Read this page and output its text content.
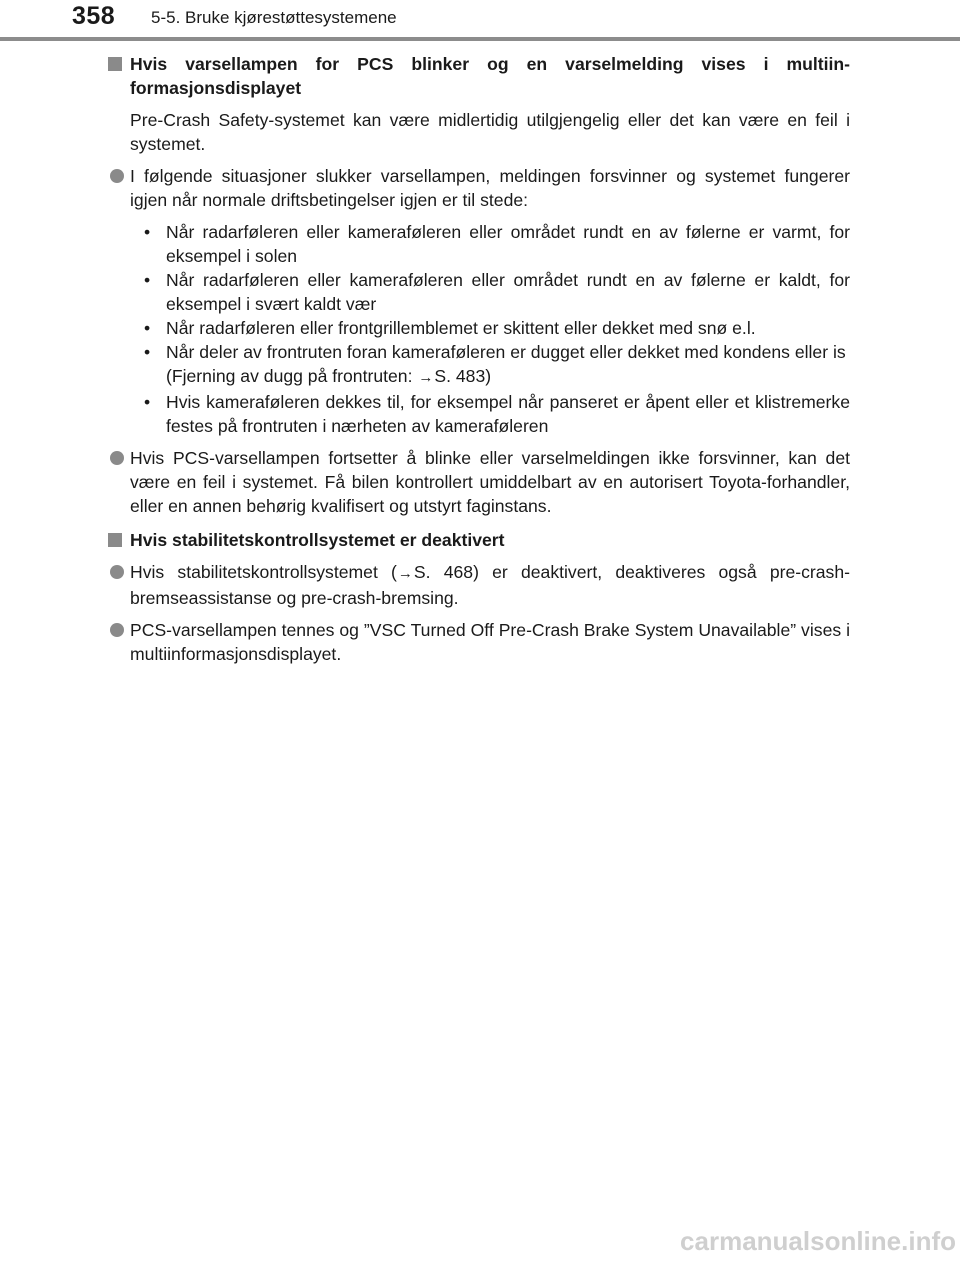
358 5-5. Bruke kjørestøttesystemene
Hvis varsellampen for PCS blinker og en varselmelding vises i multiinformasjonsdisplayet
Pre-Crash Safety-systemet kan være midlertidig utilgjengelig eller det kan være en feil i systemet.
I følgende situasjoner slukker varsellampen, meldingen forsvinner og systemet fungerer igjen når normale driftsbetingelser igjen er til stede:
• Når radarføleren eller kameraføleren eller området rundt en av følerne er varmt, for eksempel i solen
• Når radarføleren eller kameraføleren eller området rundt en av følerne er kaldt, for eksempel i svært kaldt vær
• Når radarføleren eller frontgrillemblemet er skittent eller dekket med snø e.l.
• Når deler av frontruten foran kameraføleren er dugget eller dekket med kondens eller is
(Fjerning av dugg på frontruten: →S. 483)
• Hvis kameraføleren dekkes til, for eksempel når panseret er åpent eller et klistremerke festes på frontruten i nærheten av kameraføleren
Hvis PCS-varsellampen fortsetter å blinke eller varselmeldingen ikke forsvinner, kan det være en feil i systemet. Få bilen kontrollert umiddelbart av en autorisert Toyota-forhandler, eller en annen behørig kvalifisert og utstyrt faginstans.
Hvis stabilitetskontrollsystemet er deaktivert
Hvis stabilitetskontrollsystemet (→S. 468) er deaktivert, deaktiveres også pre-crash-bremseassistanse og pre-crash-bremsing.
PCS-varsellampen tennes og ”VSC Turned Off Pre-Crash Brake System Unavailable” vises i multiinformasjonsdisplayet.
carmanualsonline.info
